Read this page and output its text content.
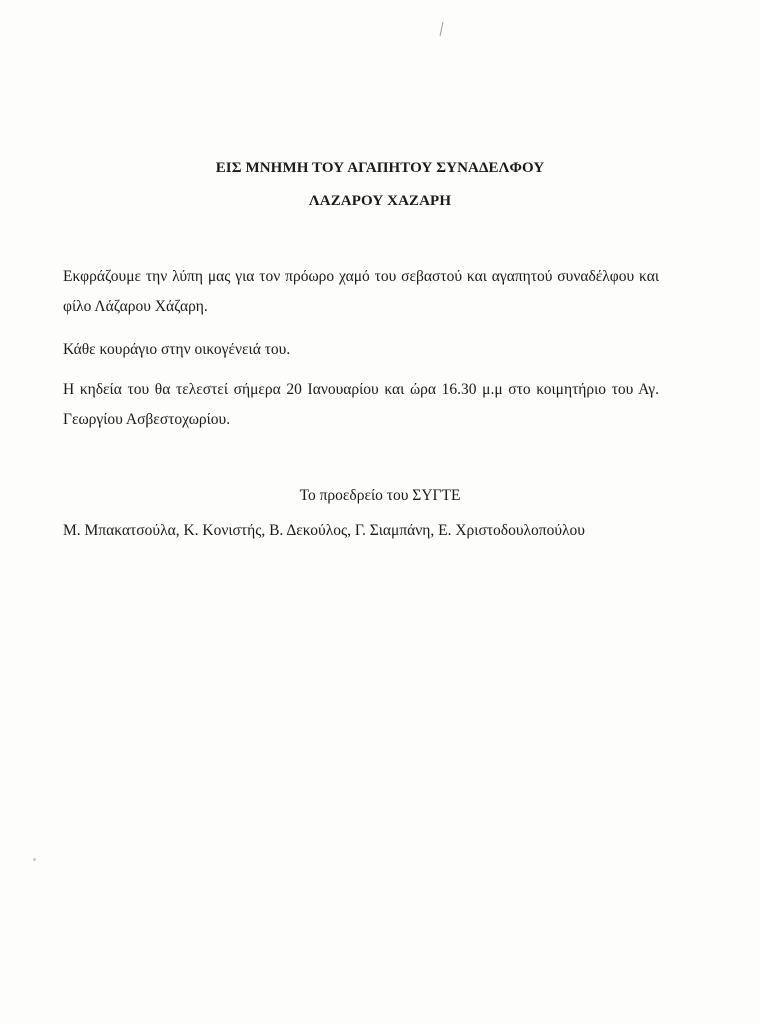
ΕΙΣ ΜΝΗΜΗ ΤΟΥ ΑΓΑΠΗΤΟΥ ΣΥΝΑΔΕΛΦΟΥ
ΛΑΖΑΡΟΥ ΧΑΖΑΡΗ
Εκφράζουμε την λύπη μας για τον πρόωρο χαμό του σεβαστού και αγαπητού συναδέλφου και φίλο Λάζαρου Χάζαρη.
Κάθε κουράγιο στην οικογένειά του.
Η κηδεία του θα τελεστεί σήμερα 20 Ιανουαρίου και ώρα 16.30 μ.μ στο κοιμητήριο του Αγ. Γεωργίου Ασβεστοχωρίου.
Το προεδρείο του ΣΥΓΤΕ
Μ. Μπακατσούλα, Κ. Κονιστής, Β. Δεκούλος, Γ. Σιαμπάνη, Ε. Χριστοδουλοπούλου
